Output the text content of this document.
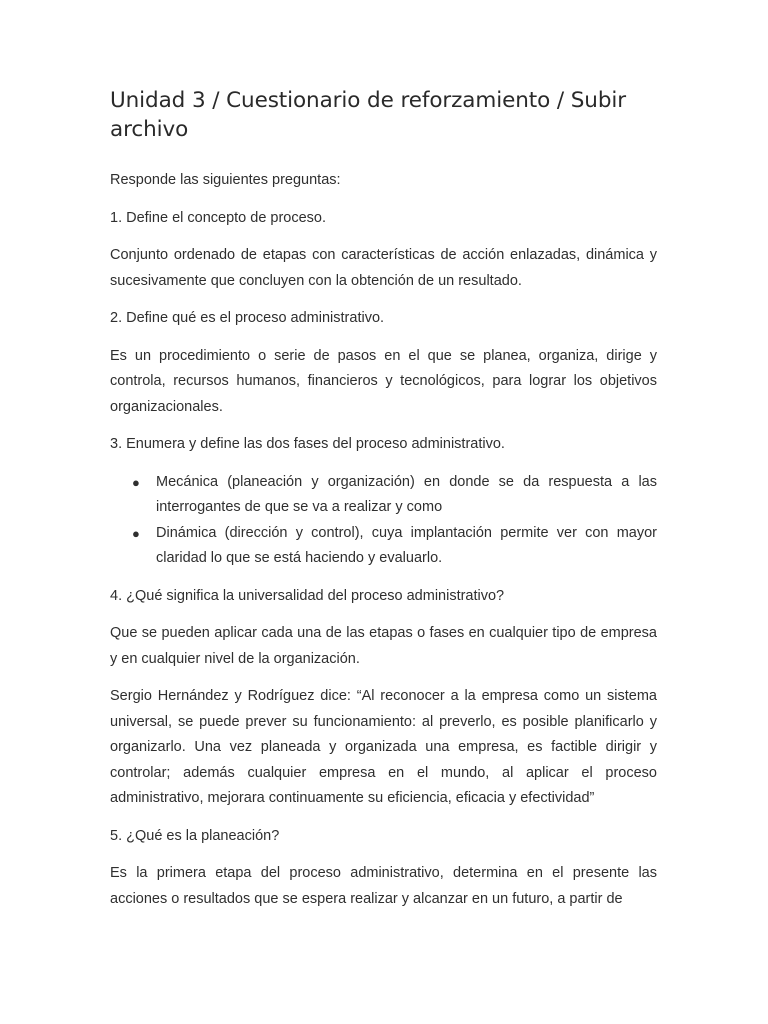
Unidad 3 / Cuestionario de reforzamiento / Subir archivo

Responde las siguientes preguntas:

1. Define el concepto de proceso.

Conjunto ordenado de etapas con características de acción enlazadas, dinámica y sucesivamente que concluyen con la obtención de un resultado.

2. Define qué es el proceso administrativo.

Es un procedimiento o serie de pasos en el que se planea, organiza, dirige y controla, recursos humanos, financieros y tecnológicos, para lograr los objetivos organizacionales.

3. Enumera y define las dos fases del proceso administrativo.

● Mecánica (planeación y organización) en donde se da respuesta a las interrogantes de que se va a realizar y como
● Dinámica (dirección y control), cuya implantación permite ver con mayor claridad lo que se está haciendo y evaluarlo.

4. ¿Qué significa la universalidad del proceso administrativo?

Que se pueden aplicar cada una de las etapas o fases en cualquier tipo de empresa y en cualquier nivel de la organización.

Sergio Hernández y Rodríguez dice: “Al reconocer a la empresa como un sistema universal, se puede prever su funcionamiento: al preverlo, es posible planificarlo y organizarlo. Una vez planeada y organizada una empresa, es factible dirigir y controlar; además cualquier empresa en el mundo, al aplicar el proceso administrativo, mejorara continuamente su eficiencia, eficacia y efectividad”

5. ¿Qué es la planeación?

Es la primera etapa del proceso administrativo, determina en el presente las acciones o resultados que se espera realizar y alcanzar en un futuro, a partir de
